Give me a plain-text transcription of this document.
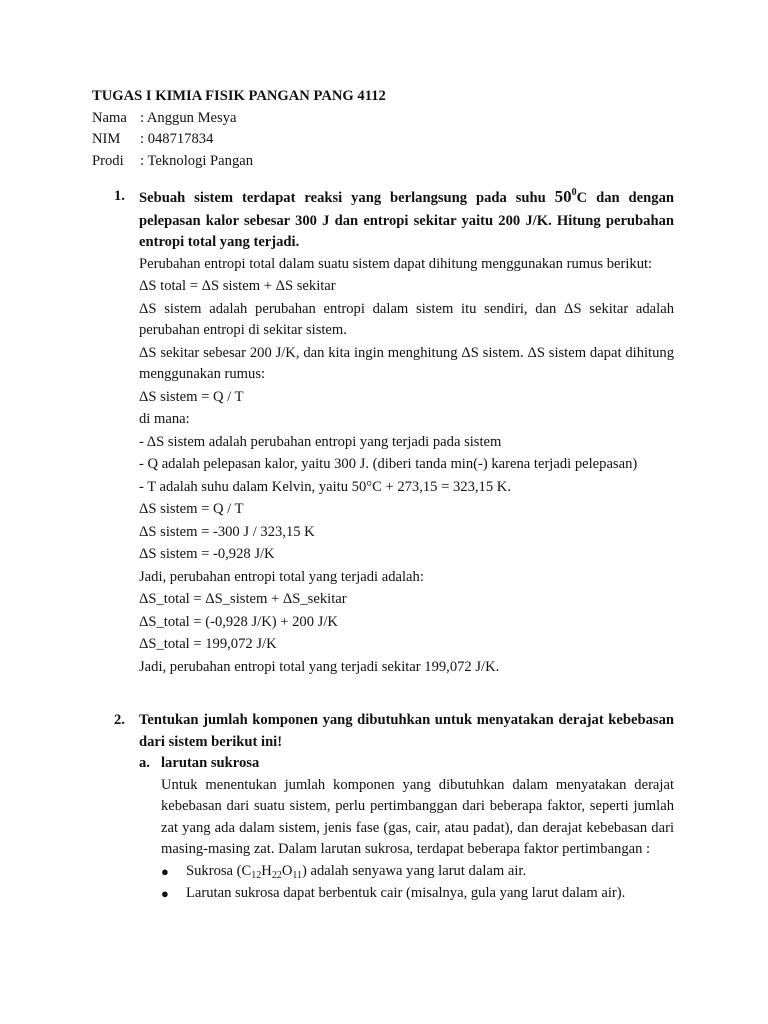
TUGAS I KIMIA FISIK PANGAN PANG 4112
Nama : Anggun Mesya
NIM	: 048717834
Prodi	: Teknologi Pangan
1. Sebuah sistem terdapat reaksi yang berlangsung pada suhu $50^0C$ dan dengan pelepasan kalor sebesar 300 J dan entropi sekitar yaitu 200 J/K. Hitung perubahan entropi total yang terjadi.

Perubahan entropi total dalam suatu sistem dapat dihitung menggunakan rumus berikut:

ΔS total = ΔS sistem + ΔS sekitar

ΔS sistem adalah perubahan entropi dalam sistem itu sendiri, dan ΔS sekitar adalah perubahan entropi di sekitar sistem.

ΔS sekitar sebesar 200 J/K, dan kita ingin menghitung ΔS sistem. ΔS sistem dapat dihitung menggunakan rumus:

ΔS sistem = Q / T

di mana:

- ΔS sistem adalah perubahan entropi yang terjadi pada sistem

- Q adalah pelepasan kalor, yaitu 300 J. (diberi tanda min(-) karena terjadi pelepasan)

- T adalah suhu dalam Kelvin, yaitu 50°C + 273,15 = 323,15 K.

ΔS sistem = Q / T

ΔS sistem = -300 J / 323,15 K

ΔS sistem = -0,928 J/K

Jadi, perubahan entropi total yang terjadi adalah:

ΔS_total = ΔS_sistem + ΔS_sekitar

ΔS_total = (-0,928 J/K) + 200 J/K

ΔS_total = 199,072 J/K

Jadi, perubahan entropi total yang terjadi sekitar 199,072 J/K.

2. Tentukan jumlah komponen yang dibutuhkan untuk menyatakan derajat kebebasan dari sistem berikut ini!
a. larutan sukrosa
Untuk menentukan jumlah komponen yang dibutuhkan dalam menyatakan derajat kebebasan dari suatu sistem, perlu pertimbanggan dari beberapa faktor, seperti jumlah zat yang ada dalam sistem, jenis fase (gas, cair, atau padat), dan derajat kebebasan dari masing-masing zat. Dalam larutan sukrosa, terdapat beberapa faktor pertimbangan :
●	Sukrosa $(C_{12}H_{22}O_{11})$ adalah senyawa yang larut dalam air.
●	Larutan sukrosa dapat berbentuk cair (misalnya, gula yang larut dalam air).
